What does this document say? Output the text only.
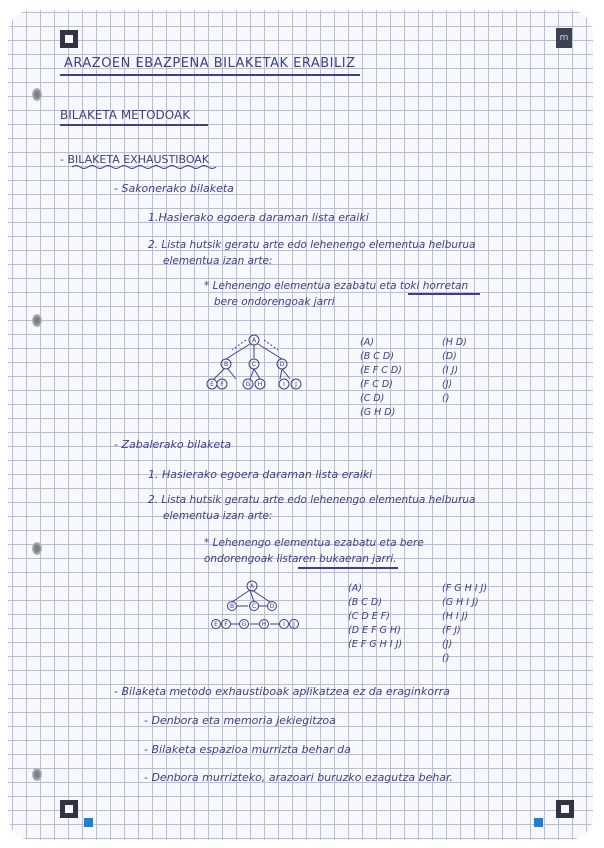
m
ARAZOEN EBAZPENA BILAKETAK ERABILIZ
BILAKETA METODOAK
- BILAKETA EXHAUSTIBOAK
- Sakonerako bilaketa
1.Hasierako egoera daraman lista eraiki
2. Lista hutsik geratu arte edo lehenengo elementua helburua
elementua izan arte:
* Lehenengo elementua ezabatu eta toki horretan
bere ondorengoak jarri
A
B	C	D
E F	G H	I J
(A)
(B C D)
(E F C D)
(F C D)
(C D)
(G H D)
(H D)
(D)
(I J)
(J)
()
- Zabalerako bilaketa
1. Hasierako egoera daraman lista eraiki
2. Lista hutsik geratu arte edo lehenengo elementua helburua
elementua izan arte:
* Lehenengo elementua ezabatu eta bere
ondorengoak listaren bukaeran jarri.
A
B	C D
E F G	H	I J
(A)
(B C D)
(C D E F)
(D E F G H)
(E F G H I J)
(F G H I J)
(G H I J)
(H I J)
(F J)
(J)
()
- Bilaketa metodo exhaustiboak aplikatzea ez da eraginkorra
- Denbora eta memoria jekiegitzoa
- Bilaketa espazioa murrizta behar da
- Denbora murrizteko, arazoari buruzko ezagutza behar.
